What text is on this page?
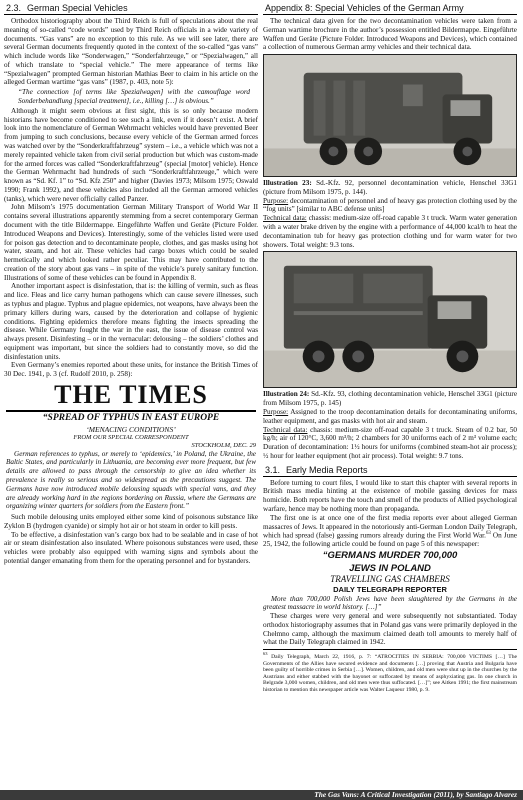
2.3. German Special Vehicles

Orthodox historiography about the Third Reich is full of speculations about the real meaning of so-called “code words” used by Third Reich officials in a wide variety of documents. “Gas vans” are no exception to this rule. As we will see later, there are several German documents frequently quoted in the context of the so-called “gas vans” which include words like “Sonderwagen,” “Sonderfahrzeuge,” or “Spezialwagen,” all of which translate to “special vehicle.” The mere appearance of terms like “Spezialwagen” prompted German historian Mathias Beer to claim in his article on the alleged German wartime “gas vans” (1987, p. 403, note 5):

“The connection [of terms like Spezialwagen] with the camouflage word Sonderbehandlung [special treatment], i.e., killing […] is obvious.”

Although it might seem obvious at first sight, this is so only because modern historians have become conditioned to see such a link, even if it doesn’t exist. A brief look into the nomenclature of German Wehrmacht vehicles would have prevented Beer from jumping to such conclusions, because every vehicle of the German armed forces was watched over by the “Sonderkraftfahrzeug” system – i.e., a vehicle which was not a merely repainted vehicle taken from civil serial production but which was custom-made for the armed forces was called “Sonderkraftfahrzeug” (special [motor] vehicle). Hence the German Wehrmacht had hundreds of such “Sonderkraftfahrzeuge,” which were known as “Sd. Kf. 1” to “Sd. Kfz 250” and higher (Davies 1973; Milsom 1975; Oswald 1990; Frank 1992), and these vehicles also included all the German armored vehicles (tanks), which were never officially called Panzer.

John Milsom’s 1975 documentation German Military Transport of World War II contains several illustrations apparently stemming from a secret contemporary German document with the title Bildermappe. Eingeführte Waffen und Geräte (Picture Folder. Introduced Weapons and Devices). Interestingly, some of the vehicles listed were used for poison gas detection and to decontaminate people, clothes, and gas masks using hot water, steam, and hot air. These vehicles had cargo boxes which could be sealed hermetically and which looked rather peculiar. This may have contributed to the creation of the story about gas vans – in spite of the vehicle’s purely sanitary function. Illustrations of some of these vehicles can be found in Appendix 8.

Another important aspect is disinfestation, that is: the killing of vermin, such as fleas and lice. Fleas and lice carry human pathogens which can cause severe illnesses, such as typhus and plague. Typhus and plague epidemics, not weapons, have always been the primary killers during wars, caused by the deterioration and collapse of hygienic conditions. Fighting epidemics therefore means fighting the insects spreading the disease. While Germany fought the war in the east, the issue of disease control was always present. Disinfesting – or in the vernacular: delousing – the soldiers’ clothes and equipment was important, but since the soldiers had to constantly move, so did the disinfestation units.

Even Germany’s enemies reported about these units, for instance the British Times of 30 Dec. 1941, p. 3 (cf. Rudolf 2010, p. 258):

THE TIMES
“SPREAD OF TYPHUS IN EAST EUROPE
‘MENACING CONDITIONS’
FROM OUR SPECIAL CORRESPONDENT
STOCKHOLM, DEC. 29

German references to typhus, or merely to ‘epidemics,’ in Poland, the Ukraine, the Baltic States, and particularly in Lithuania, are becoming ever more frequent, but few details are allowed to pass through the censorship to give an idea whether its prevalence is really so serious and so widespread as the precautions suggest. The Germans have now introduced mobile delousing squads with special vans, and they are already working hard in the regions bordering on Russia, where the Germans are organizing winter quarters for soldiers from the Eastern front.”

Such mobile delousing units employed either some kind of poisonous substance like Zyklon B (hydrogen cyanide) or simply hot air or hot steam in order to kill pests.

To be effective, a disinfestation van’s cargo box had to be sealable and in case of hot air or steam disinfestation also insulated. Where poisonous substances were used, these vehicles were probably also equipped with warning signs and symbols about the potential danger emanating from them for the operating personnel and for bystanders.

Appendix 8: Special Vehicles of the German Army

The technical data given for the two decontamination vehicles were taken from a German wartime brochure in the author’s possession entitled Bildermappe. Eingeführte Waffen und Geräte (Picture Folder. Introduced Weapons and Devices), which contained a collection of numerous German army vehicles and their technical data.

Illustration 23: Sd.-Kfz. 92, personnel decontamination vehicle, Henschel 33G1 (picture from Milsom 1975, p. 144).

Purpose: decontamination of personnel and of heavy gas protection clothing used by the “fog units” [similar to ABC defense units]

Technical data: chassis: medium-size off-road capable 3 t truck. Warm water generation with a water brake driven by the engine with a performance of 44,000 kcal/h to heat the decontamination tub for heavy gas protection clothing und for warm water for two showers. Total weight: 9.3 tons.

Illustration 24: Sd.-Kfz. 93, clothing decontamination vehicle, Henschel 33G1 (picture from Milsom 1975, p. 145)

Purpose: Assigned to the troop decontamination details for decontaminating uniforms, leather equipment, and gas masks with hot air and steam.

Technical data: chassis: medium-size off-road capable 3 t truck. Steam of 0.2 bar, 50 kg/h; air of 120°C, 3,600 m³/h; 2 chambers for 30 uniforms each of 2 m³ volume each; Duration of decontamination: 1½ hours for uniforms (combined steam-hot air process); ½ hour for leather equipment (hot air process). Total weight: 9.7 tons.

3.1. Early Media Reports

Before turning to court files, I would like to start this chapter with several reports in British mass media hinting at the existence of mobile gassing devices for mass homicide. Both reports have the touch and smell of the products of Allied psychological warfare, hence may be nothing more than propaganda.

The first one is at once one of the first media reports ever about alleged German massacres of Jews. It appeared in the notoriously anti-German London Daily Telegraph, which had spread (false) gassing rumors already during the First World War.$^{63}$ On June 25, 1942, the following article could be found on page 5 of this newspaper:

“GERMANS MURDER 700,000
JEWS IN POLAND
TRAVELLING GAS CHAMBERS
DAILY TELEGRAPH REPORTER

More than 700,000 Polish Jews have been slaughtered by the Germans in the greatest massacre in world history. […]”

These charges were very general and were subsequently not substantiated. Today orthodox historiography assumes that in Poland gas vans were primarily deployed in the Chełmno camp, although the maximum claimed death toll amounts to merely half of what the Daily Telegraph claimed in 1942.

$^{63}$ Daily Telegraph, March 22, 1916, p. 7: “ATROCITIES IN SERBIA: 700,000 VICTIMS […] The Governments of the Allies have secured evidence and documents […] proving that Austria and Bulgaria have been guilty of horrible crimes in Serbia […]. Women, children, and old men were shut up in the churches by the Austrians and either stabbed with the bayonet or suffocated by means of asphyxiating gas. In one church in Belgrade 3,000 women, children, and old men were thus suffocated. […]”; see Aitken 1991; the first mainstream historian to mention this newspaper article was Walter Laqueur 1980, p. 9.
The Gas Vans: A Critical Investigation (2011), by Santiago Alvarez
